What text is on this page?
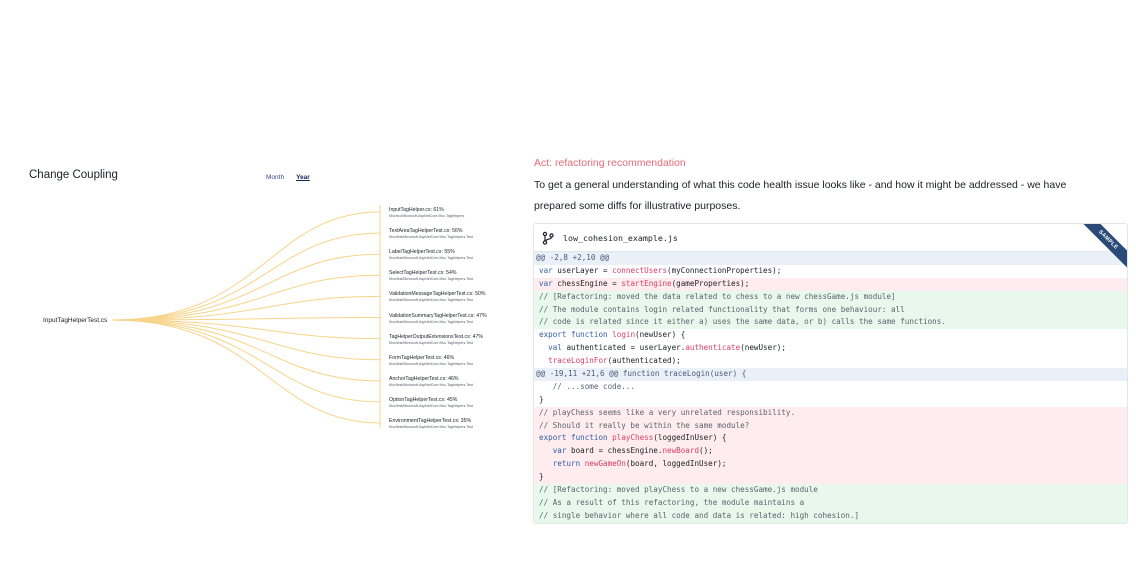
Change Coupling	Month Year
InputTagHelperTest.cs
InputTagHelper.cs: 61%
Mvc/src/Microsoft.AspNetCore.Mvc.TagHelpers
TextAreaTagHelperTest.cs: 56%
Mvc/test/Microsoft.AspNetCore.Mvc.TagHelpers.Test
LabelTagHelperTest.cs: 55%
Mvc/test/Microsoft.AspNetCore.Mvc.TagHelpers.Test
SelectTagHelperTest.cs: 54%
Mvc/test/Microsoft.AspNetCore.Mvc.TagHelpers.Test
ValidationMessageTagHelperTest.cs: 50%
Mvc/test/Microsoft.AspNetCore.Mvc.TagHelpers.Test
ValidationSummaryTagHelperTest.cs: 47%
Mvc/test/Microsoft.AspNetCore.Mvc.TagHelpers.Test
TagHelperOutputExtensionsTest.cs: 47%
Mvc/test/Microsoft.AspNetCore.Mvc.TagHelpers.Test
FormTagHelperTest.cs: 46%
Mvc/test/Microsoft.AspNetCore.Mvc.TagHelpers.Test
AnchorTagHelperTest.cs: 46%
Mvc/test/Microsoft.AspNetCore.Mvc.TagHelpers.Test
OptionTagHelperTest.cs: 45%
Mvc/test/Microsoft.AspNetCore.Mvc.TagHelpers.Test
EnvironmentTagHelperTest.cs: 35%
Mvc/test/Microsoft.AspNetCore.Mvc.TagHelpers.Test
Act: refactoring recommendation
To get a general understanding of what this code health issue looks like - and how it might be addressed - we have prepared some diffs for illustrative purposes.
low_cohesion_example.js	SAMPLE
@@ -2,8 +2,10 @@
var userLayer = connectUsers(myConnectionProperties);
var chessEngine = startEngine(gameProperties);
// [Refactoring: moved the data related to chess to a new chessGame.js module]
// The module contains login related functionality that forms one behaviour: all
// code is related since it either a) uses the same data, or b) calls the same functions.
export function login(newUser) {
val authenticated = userLayer.authenticate(newUser);
traceLoginFor(authenticated);
@@ -19,11 +21,6 @@ function traceLogin(user) {
// ...some code...
}
// playChess seems like a very unrelated responsibility.
// Should it really be within the same module?
export function playChess(loggedInUser) {
var board = chessEngine.newBoard();
return newGameOn(board, loggedInUser);
}
// [Refactoring: moved playChess to a new chessGame.js module
// As a result of this refactoring, the module maintains a
// single behavior where all code and data is related: high cohesion.]
